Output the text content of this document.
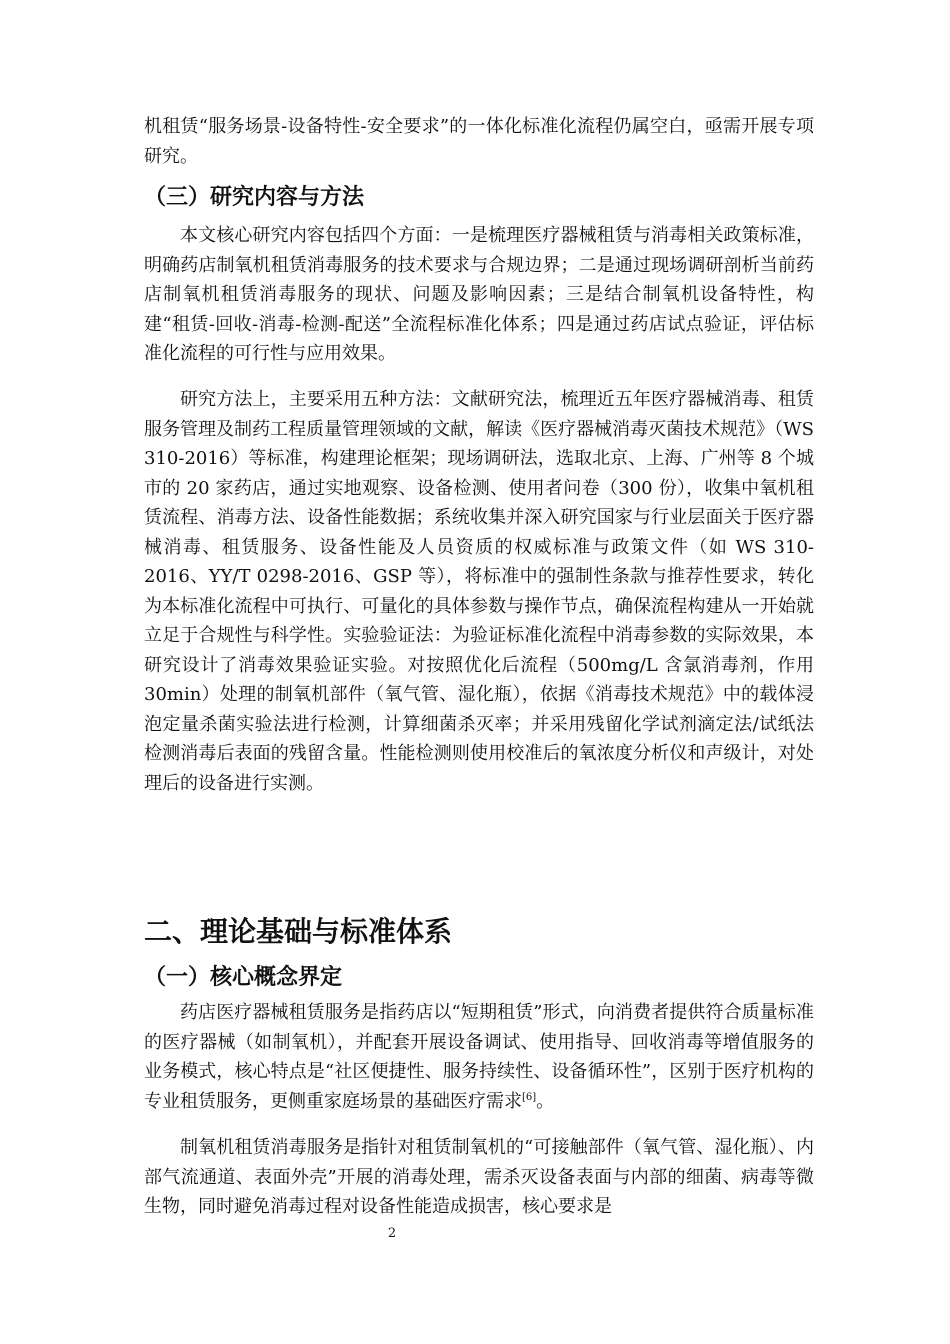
机租赁“服务场景-设备特性-安全要求”的一体化标准化流程仍属空白，亟需开展专项研究。

（三）研究内容与方法

本文核心研究内容包括四个方面：一是梳理医疗器械租赁与消毒相关政策标准，明确药店制氧机租赁消毒服务的技术要求与合规边界；二是通过现场调研剖析当前药店制氧机租赁消毒服务的现状、问题及影响因素；三是结合制氧机设备特性，构建“租赁-回收-消毒-检测-配送”全流程标准化体系；四是通过药店试点验证，评估标准化流程的可行性与应用效果。

研究方法上，主要采用五种方法：文献研究法，梳理近五年医疗器械消毒、租赁服务管理及制药工程质量管理领域的文献，解读《医疗器械消毒灭菌技术规范》（WS 310-2016）等标准，构建理论框架；现场调研法，选取北京、上海、广州等 8 个城市的 20 家药店，通过实地观察、设备检测、使用者问卷（300 份），收集中氧机租赁流程、消毒方法、设备性能数据；系统收集并深入研究国家与行业层面关于医疗器械消毒、租赁服务、设备性能及人员资质的权威标准与政策文件（如 WS 310-2016、YY/T 0298-2016、GSP 等），将标准中的强制性条款与推荐性要求，转化为本标准化流程中可执行、可量化的具体参数与操作节点，确保流程构建从一开始就立足于合规性与科学性。实验验证法：为验证标准化流程中消毒参数的实际效果，本研究设计了消毒效果验证实验。对按照优化后流程（500mg/L 含氯消毒剂，作用 30min）处理的制氧机部件（氧气管、湿化瓶），依据《消毒技术规范》中的载体浸泡定量杀菌实验法进行检测，计算细菌杀灭率；并采用残留化学试剂滴定法/试纸法检测消毒后表面的残留含量。性能检测则使用校准后的氧浓度分析仪和声级计，对处理后的设备进行实测。

二、理论基础与标准体系
（一）核心概念界定

药店医疗器械租赁服务是指药店以“短期租赁”形式，向消费者提供符合质量标准的医疗器械（如制氧机），并配套开展设备调试、使用指导、回收消毒等增值服务的业务模式，核心特点是“社区便捷性、服务持续性、设备循环性”，区别于医疗机构的专业租赁服务，更侧重家庭场景的基础医疗需求[6]。

制氧机租赁消毒服务是指针对租赁制氧机的“可接触部件（氧气管、湿化瓶）、内部气流通道、表面外壳”开展的消毒处理，需杀灭设备表面与内部的细菌、病毒等微生物，同时避免消毒过程对设备性能造成损害，核心要求是

2
